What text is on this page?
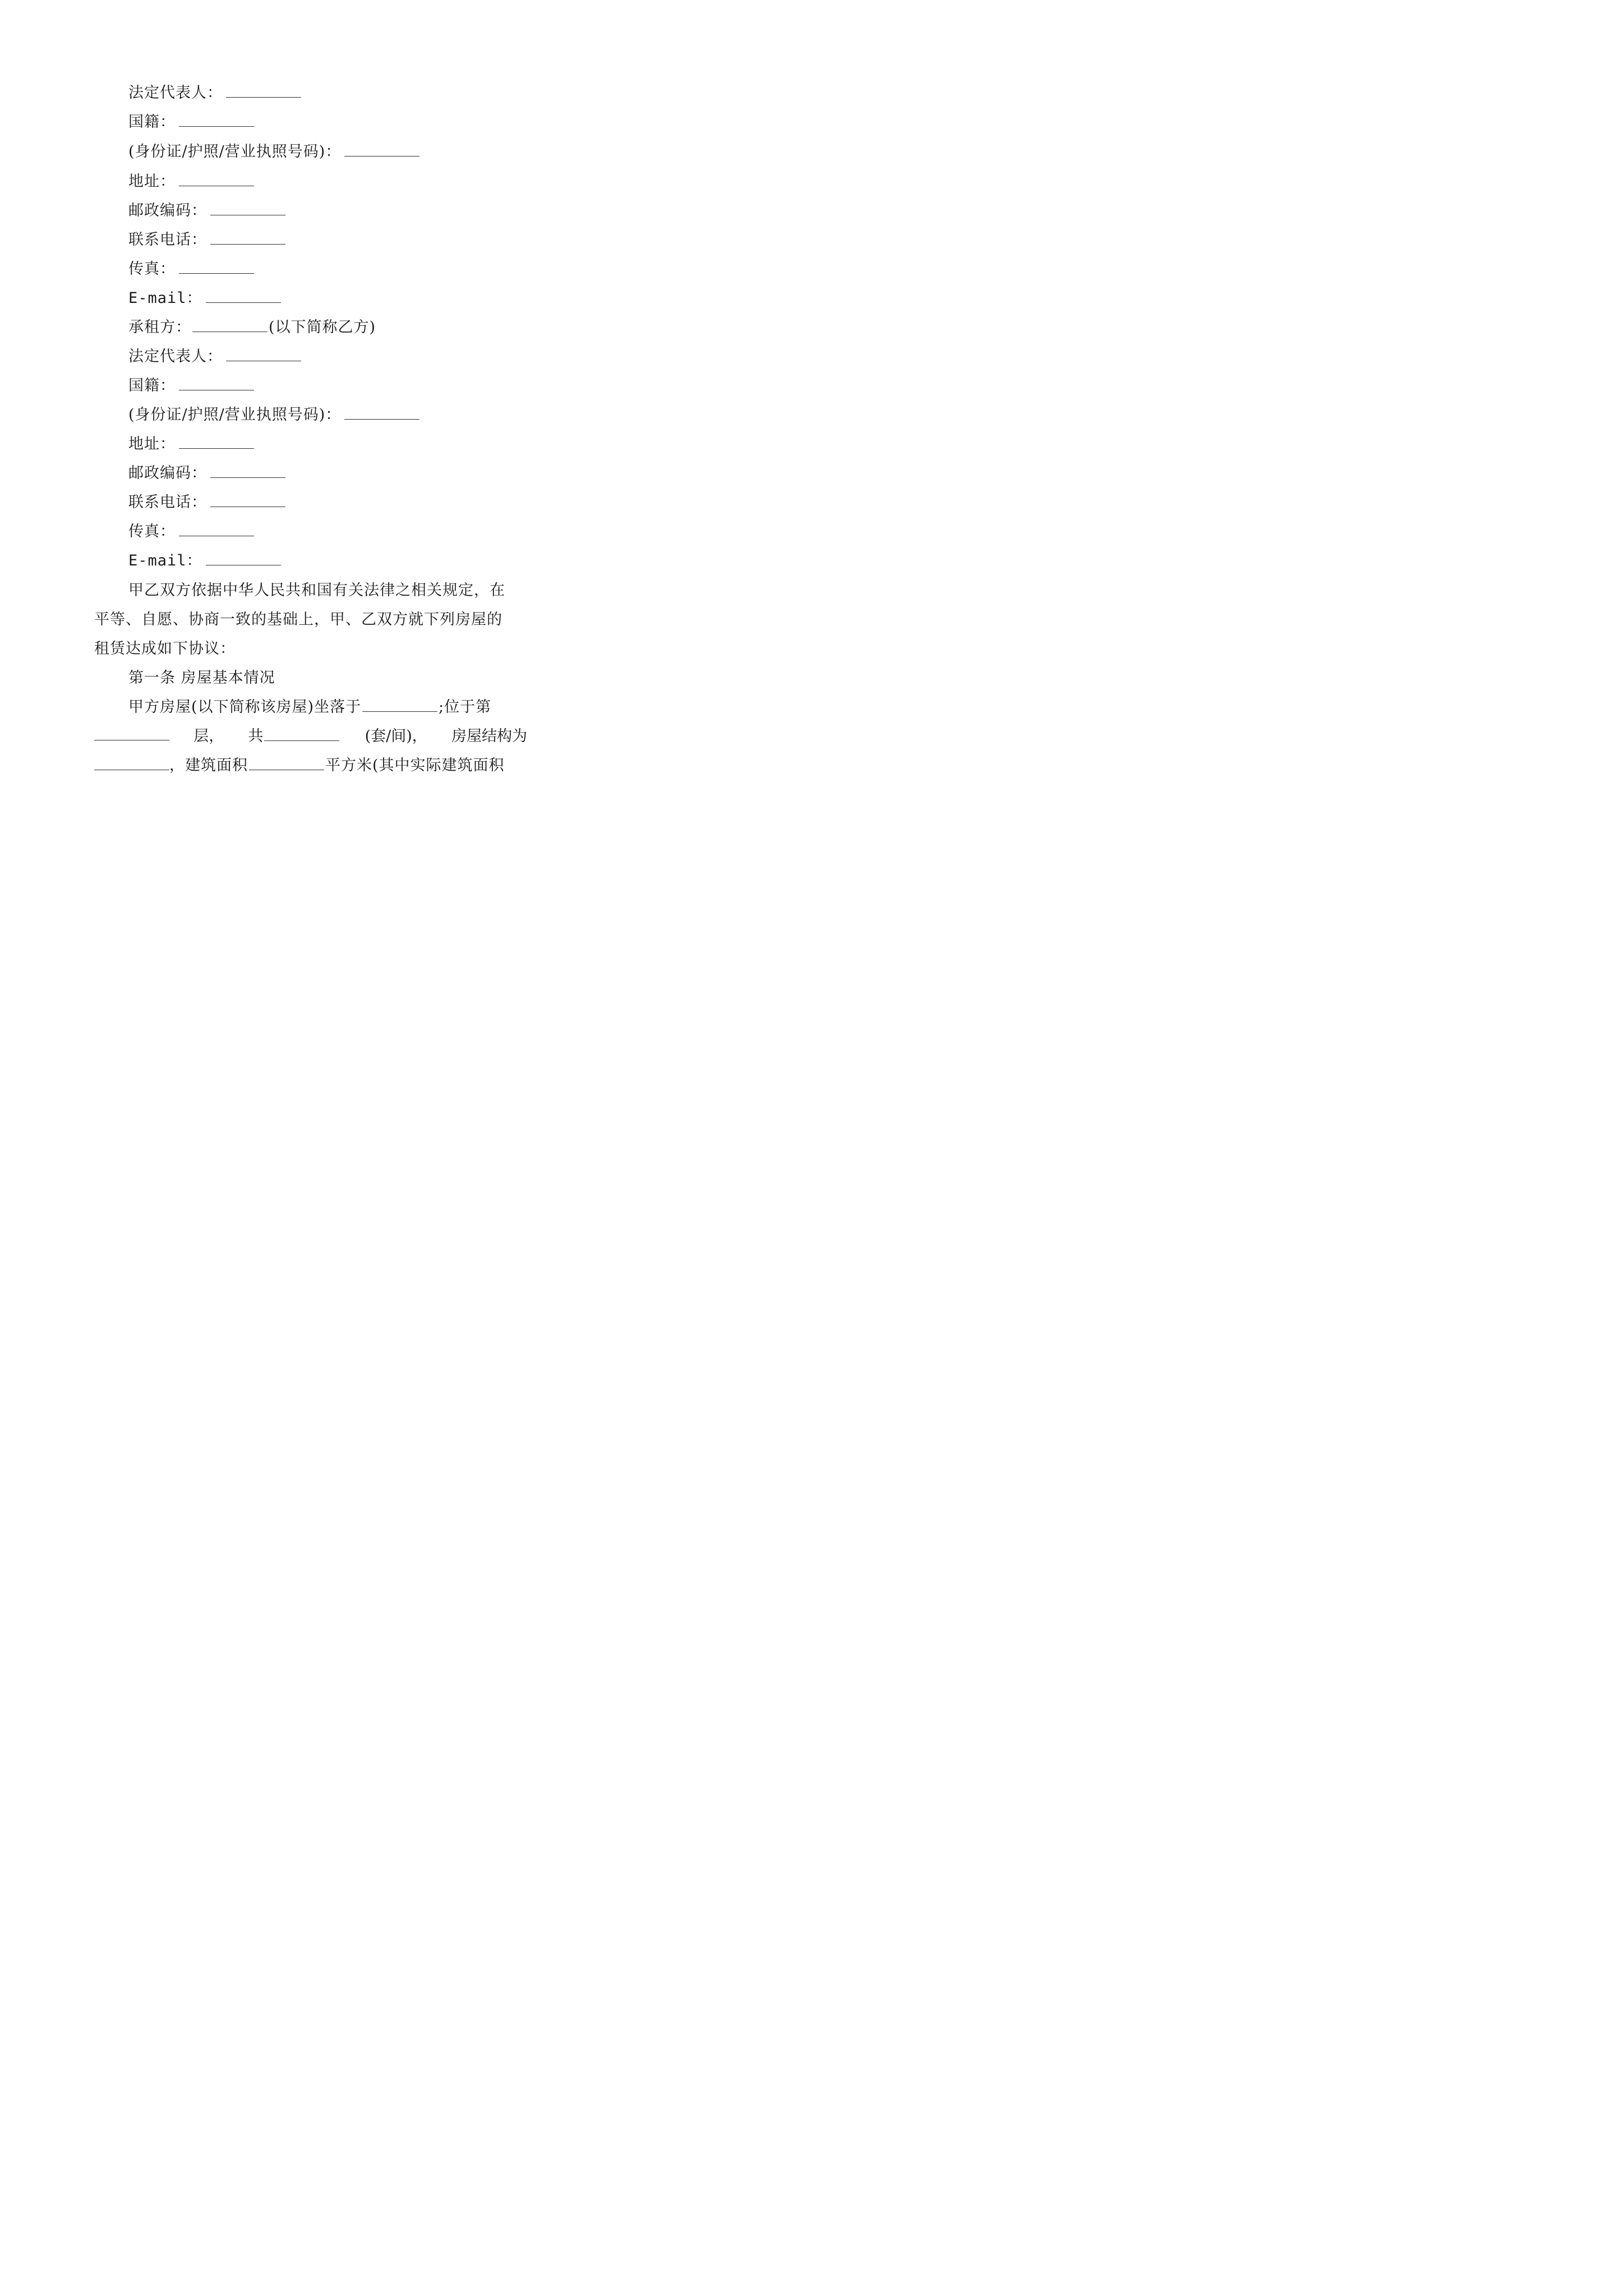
法定代表人：
国籍：
(身份证/护照/营业执照号码)：
地址：
邮政编码：
联系电话：
传真：
E-mail：
承租方：	(以下简称乙方)
法定代表人：
国籍：
(身份证/护照/营业执照号码)：
地址：
邮政编码：
联系电话：
传真：
E-mail：
甲乙双方依据中华人民共和国有关法律之相关规定，在
平等、自愿、协商一致的基础上，甲、乙双方就下列房屋的
租赁达成如下协议：
第一条 房屋基本情况
甲方房屋(以下简称该房屋)坐落于	;位于第
层， 共	(套/间)， 房屋结构为
，建筑面积	平方米(其中实际建筑面积
